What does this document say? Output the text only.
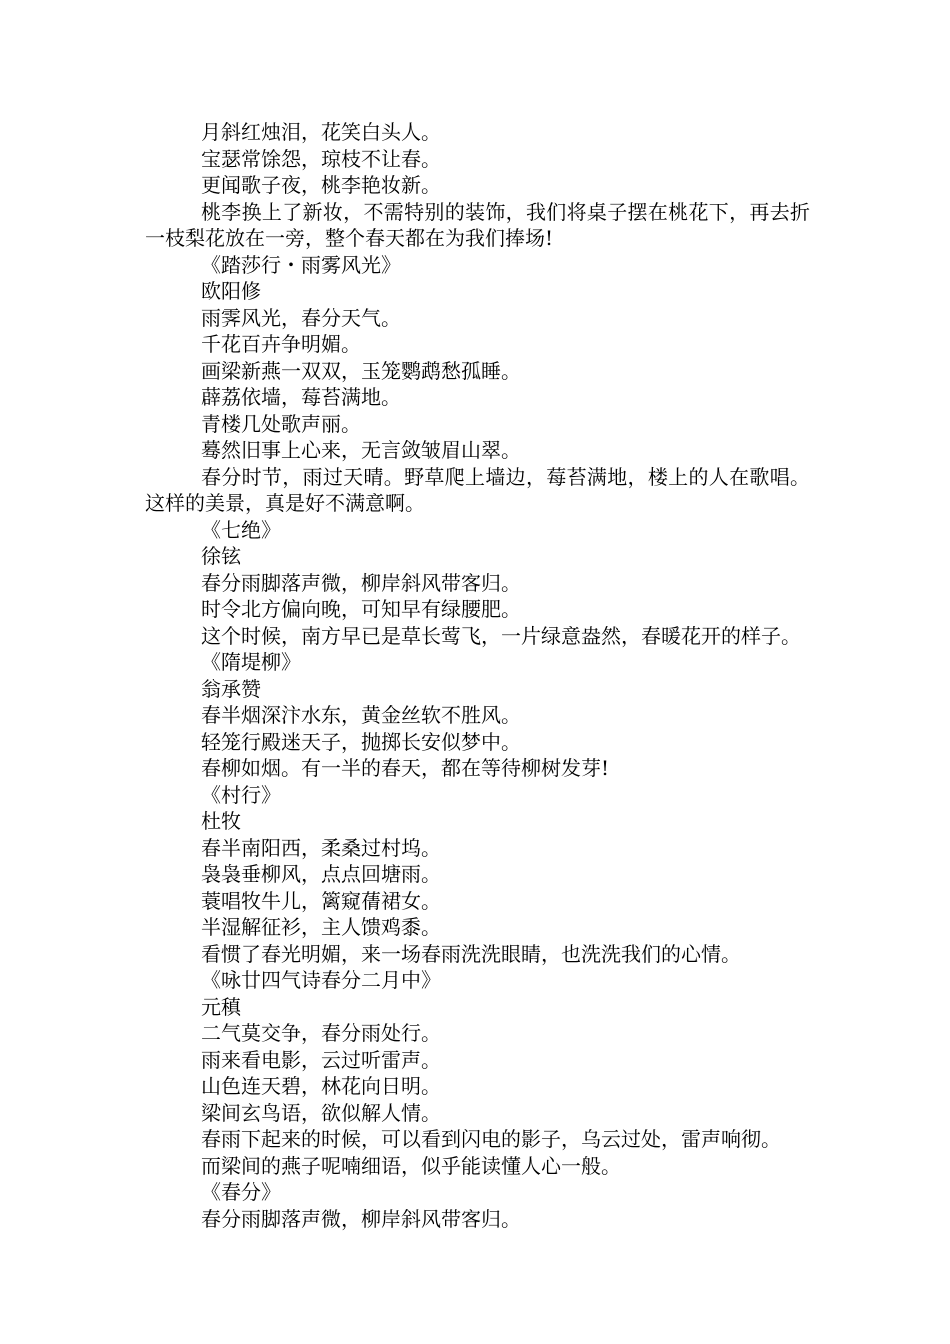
月斜红烛泪，花笑白头人。

宝瑟常馀怨，琼枝不让春。

更闻歌子夜，桃李艳妆新。

桃李换上了新妆，不需特别的装饰，我们将桌子摆在桃花下，再去折一枝梨花放在一旁，整个春天都在为我们捧场!

《踏莎行・雨雾风光》

欧阳修

雨霁风光，春分天气。

千花百卉争明媚。

画梁新燕一双双，玉笼鹦鹉愁孤睡。

薜荔依墙，莓苔满地。

青楼几处歌声丽。

蓦然旧事上心来，无言敛皱眉山翠。

春分时节，雨过天晴。野草爬上墙边，莓苔满地，楼上的人在歌唱。这样的美景，真是好不满意啊。

《七绝》

徐铉

春分雨脚落声微，柳岸斜风带客归。

时令北方偏向晚，可知早有绿腰肥。

这个时候，南方早已是草长莺飞，一片绿意盎然，春暖花开的样子。

《隋堤柳》

翁承赞

春半烟深汴水东，黄金丝软不胜风。

轻笼行殿迷天子，抛掷长安似梦中。

春柳如烟。有一半的春天，都在等待柳树发芽!

《村行》

杜牧

春半南阳西，柔桑过村坞。

袅袅垂柳风，点点回塘雨。

蓑唱牧牛儿，篱窥蒨裙女。

半湿解征衫，主人馈鸡黍。

看惯了春光明媚，来一场春雨洗洗眼睛，也洗洗我们的心情。

《咏廿四气诗春分二月中》

元稹

二气莫交争，春分雨处行。

雨来看电影，云过听雷声。

山色连天碧，林花向日明。

梁间玄鸟语，欲似解人情。

春雨下起来的时候，可以看到闪电的影子，乌云过处，雷声响彻。

而梁间的燕子呢喃细语，似乎能读懂人心一般。

《春分》

春分雨脚落声微，柳岸斜风带客归。
